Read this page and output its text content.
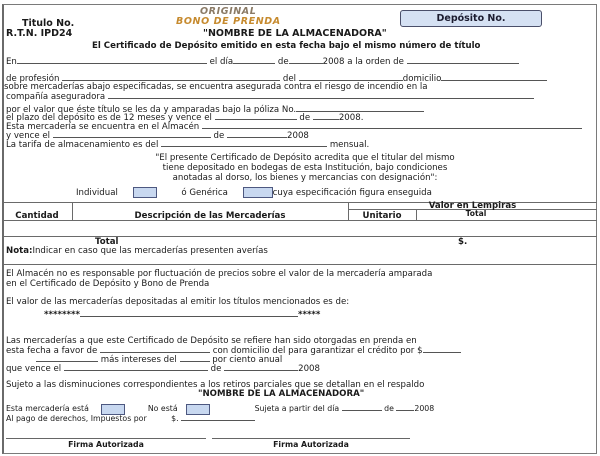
ORIGINAL
BONO DE PRENDA
Titulo No.
R.T.N. IPD24
Depósito No.
"NOMBRE DE LA ALMACENADORA"
El Certificado de Depósito emitido en esta fecha bajo el mismo número de título
En	el día	de	2008 a la orden de
de profesión	del	domicilio
sobre mercaderías abajo especificadas, se encuentra asegurada contra el riesgo de incendio en la
compañía aseguradora
por el valor que éste título se les da y amparadas bajo la póliza No.
el plazo del depósito es de 12 meses y vence el	de	2008.
Esta mercadería se encuentra en el Almacén
y vence el	de	2008
La tarifa de almacenamiento es del	mensual.
"El presente Certificado de Depósito acredita que el titular del mismo
tiene depositado en bodegas de esta Institución, bajo condiciones
anotadas al dorso, los bienes y mercancias con designación":
Individual	ó Genérica	cuya especificación figura enseguida
Cantidad	Descripción de las Mercaderías
Valor en Lempiras
Unitario	Total
Total	$.
Nota:Indicar en caso que las mercaderías presenten averías
El Almacén no es responsable por fluctuación de precios sobre el valor de la mercadería amparada
en el Certificado de Depósito y Bono de Prenda
El valor de las mercaderías depositadas al emitir los títulos mencionados es de:
********	*****
Las mercaderías a que este Certificado de Depósito se refiere han sido otorgadas en prenda en
esta fecha a favor de	con domicilio del para garantizar el crédito por $
más intereses del	por ciento anual
que vence el	de	2008
Sujeto a las disminuciones correspondientes a los retiros parciales que se detallan en el respaldo
"NOMBRE DE LA ALMACENADORA"
Esta mercadería está	No está	Sujeta a partir del día	de	2008
Al pago de derechos, Impuestos por	$.
Firma Autorizada	Firma Autorizada
